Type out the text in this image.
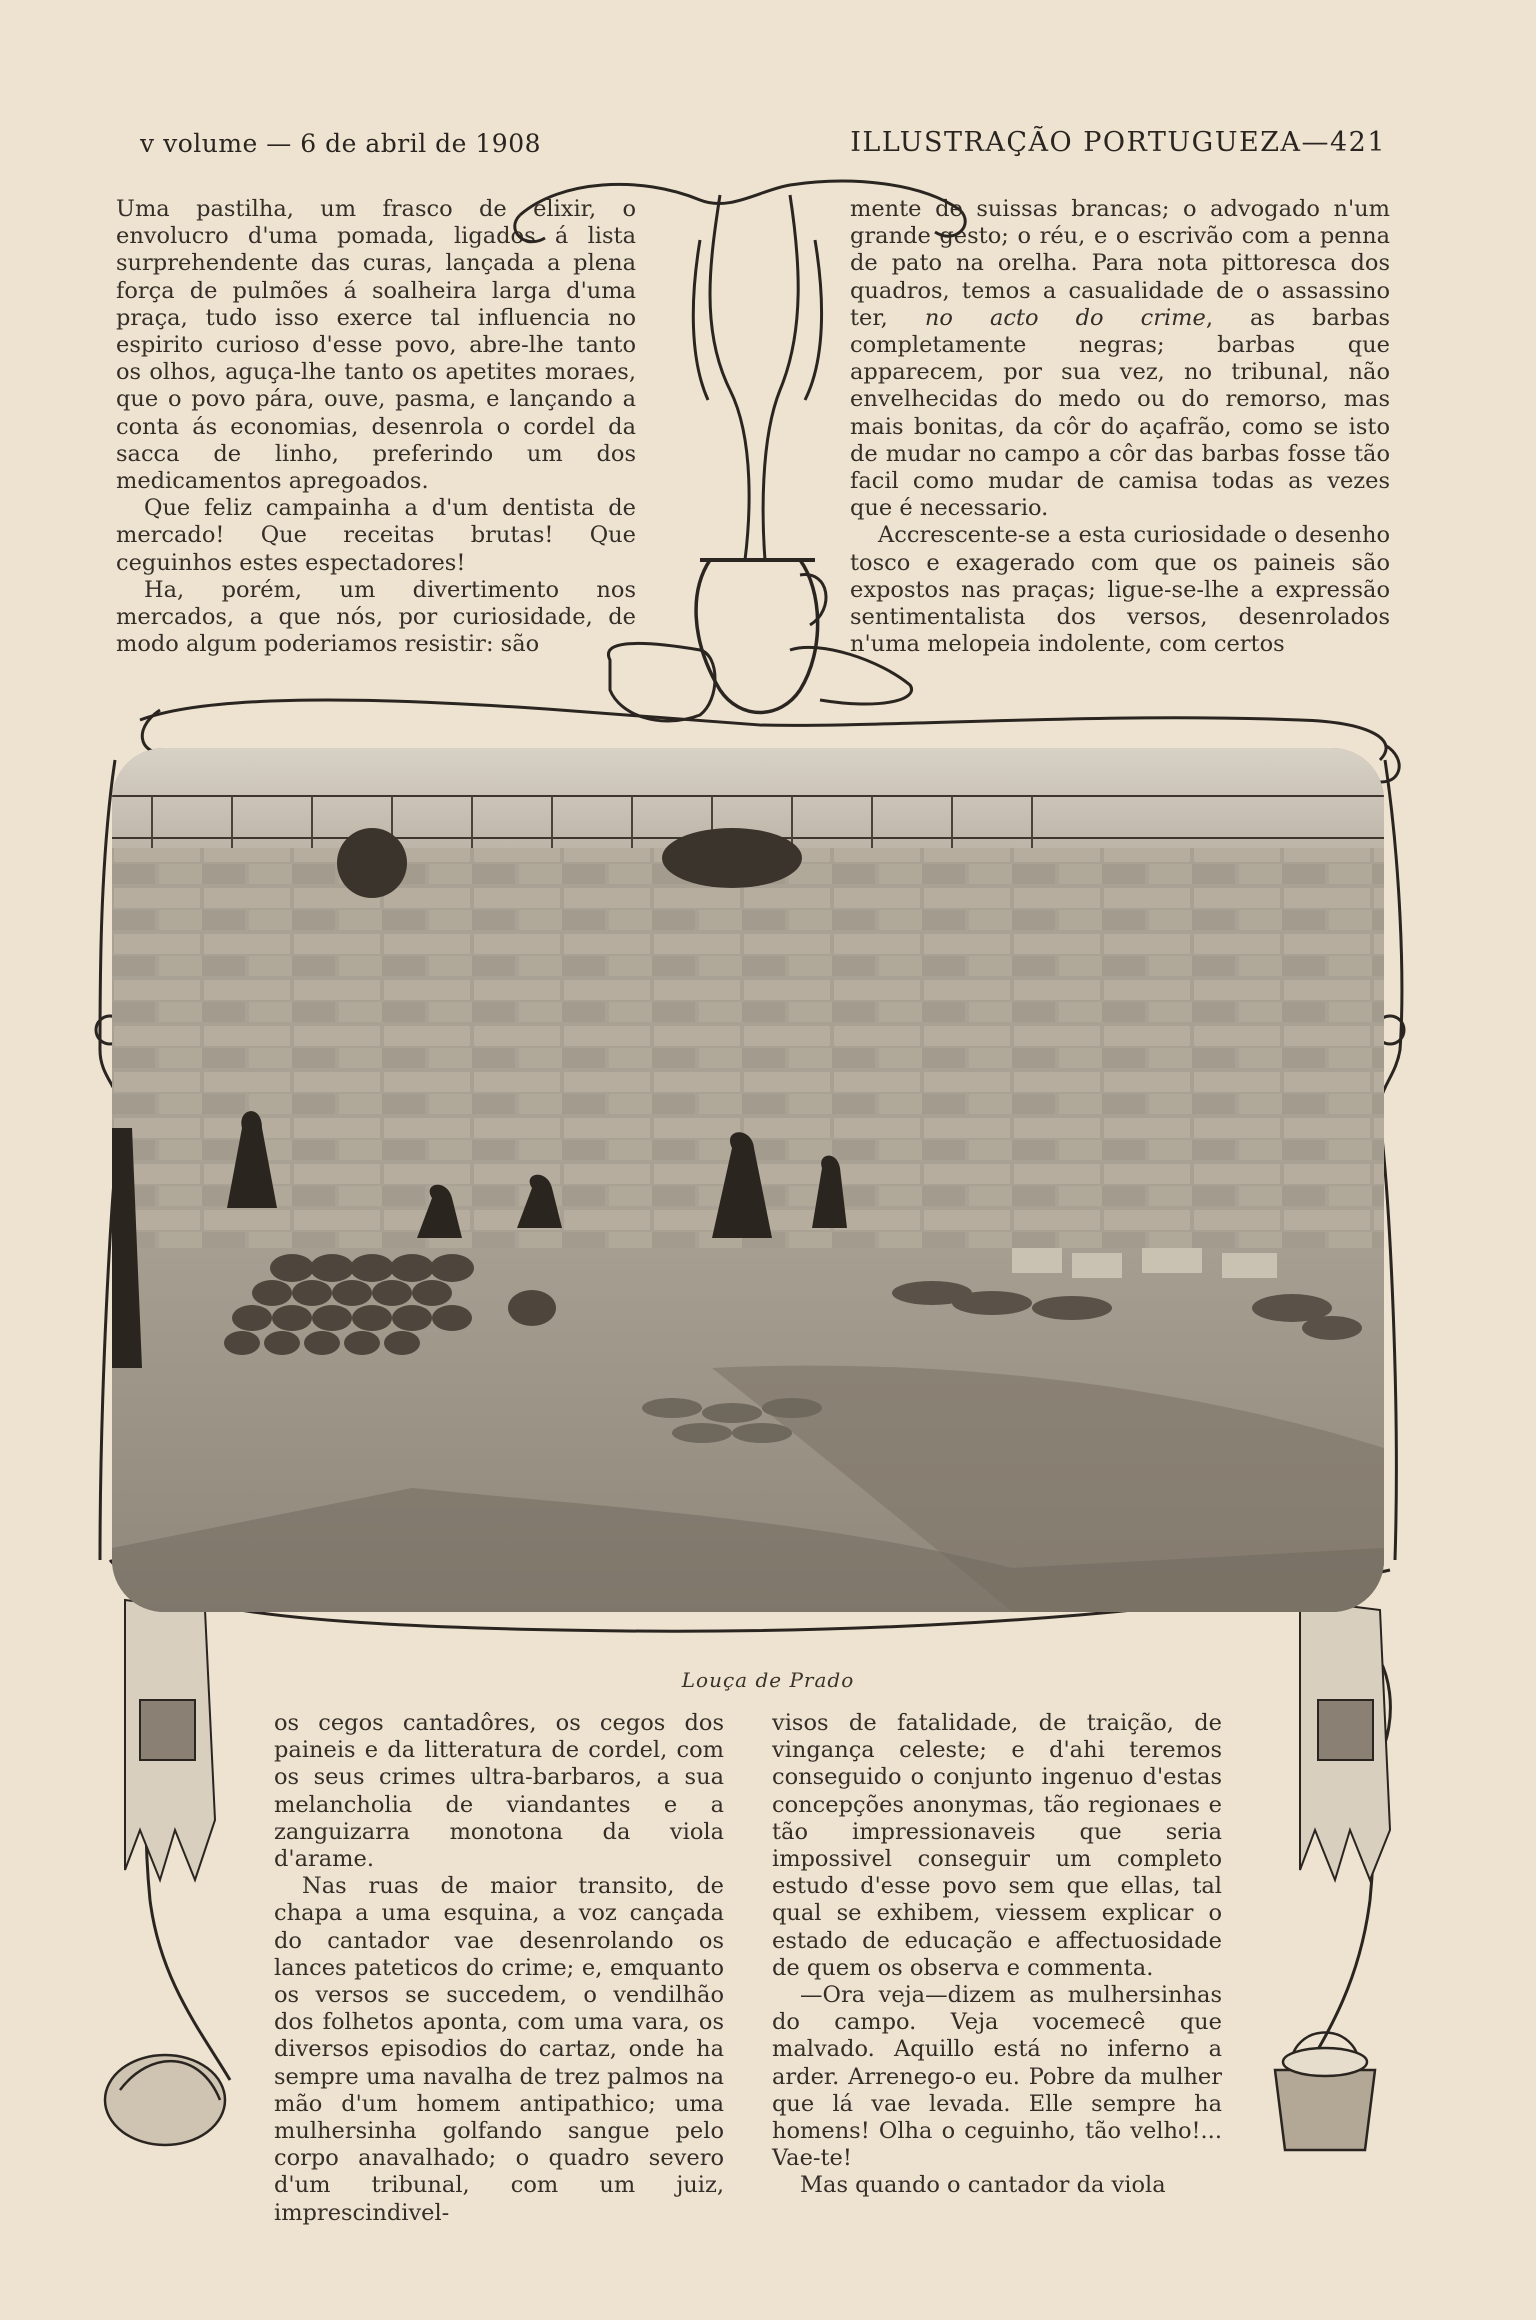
v volume — 6 de abril de 1908	ILLUSTRAÇÃO PORTUGUEZA—421

Uma pastilha, um frasco de elixir, o envolucro d'uma pomada, ligados á lista surprehendente das curas, lançada a plena força de pulmões á soalheira larga d'uma praça, tudo isso exerce tal influencia no espirito curioso d'esse povo, abre-lhe tanto os olhos, aguça-lhe tanto os apetites moraes, que o povo pára, ouve, pasma, e lançando a conta ás economias, desenrola o cordel da sacca de linho, preferindo um dos medicamentos apregoados.

Que feliz campainha a d'um dentista de mercado! Que receitas brutas! Que ceguinhos estes espectadores!

Ha, porém, um divertimento nos mercados, a que nós, por curiosidade, de modo algum poderiamos resistir: são

mente de suissas brancas; o advogado n'um grande gesto; o réu, e o escrivão com a penna de pato na orelha. Para nota pittoresca dos quadros, temos a casualidade de o assassino ter, no acto do crime, as barbas completamente negras; barbas que apparecem, por sua vez, no tribunal, não envelhecidas do medo ou do remorso, mas mais bonitas, da côr do açafrão, como se isto de mudar no campo a côr das barbas fosse tão facil como mudar de camisa todas as vezes que é necessario.

Accrescente-se a esta curiosidade o desenho tosco e exagerado com que os paineis são expostos nas praças; ligue-se-lhe a expressão sentimentalista dos versos, desenrolados n'uma melopeia indolente, com certos

Louça de Prado

os cegos cantadôres, os cegos dos paineis e da litteratura de cordel, com os seus crimes ultra-barbaros, a sua melancholia de viandantes e a zanguizarra monotona da viola d'arame.

Nas ruas de maior transito, de chapa a uma esquina, a voz cançada do cantador vae desenrolando os lances pateticos do crime; e, emquanto os versos se succedem, o vendilhão dos folhetos aponta, com uma vara, os diversos episodios do cartaz, onde ha sempre uma navalha de trez palmos na mão d'um homem antipathico; uma mulhersinha golfando sangue pelo corpo anavalhado; o quadro severo d'um tribunal, com um juiz, imprescindivel-

visos de fatalidade, de traição, de vingança celeste; e d'ahi teremos conseguido o conjunto ingenuo d'estas concepções anonymas, tão regionaes e tão impressionaveis que seria impossivel conseguir um completo estudo d'esse povo sem que ellas, tal qual se exhibem, viessem explicar o estado de educação e affectuosidade de quem os observa e commenta.

—Ora veja—dizem as mulhersinhas do campo. Veja vocemecê que malvado. Aquillo está no inferno a arder. Arrenego-o eu. Pobre da mulher que lá vae levada. Elle sempre ha homens! Olha o ceguinho, tão velho!... Vae-te!

Mas quando o cantador da viola
